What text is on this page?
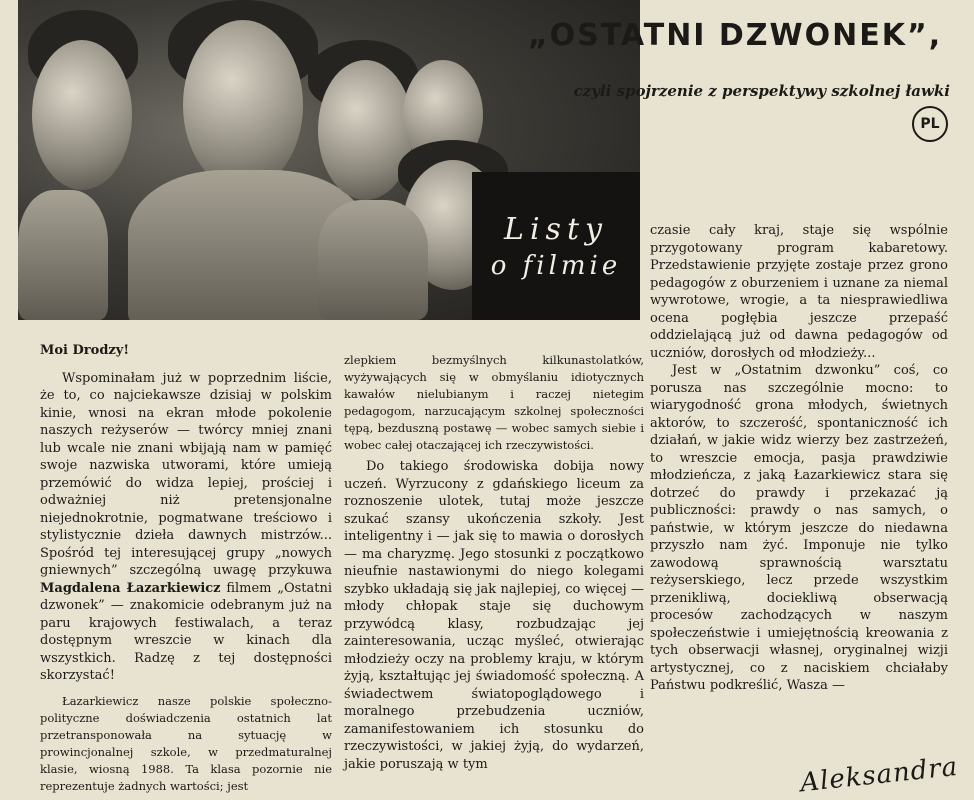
Listy
o filmie
„OSTATNI DZWONEK”,
czyli spojrzenie z perspektywy szkolnej ławki
PL

Moi Drodzy!

Wspominałam już w poprzednim liście, że to, co najciekawsze dzisiaj w polskim kinie, wnosi na ekran młode pokolenie naszych reżyserów — twórcy mniej znani lub wcale nie znani wbijają nam w pamięć swoje nazwiska utworami, które umieją przemówić do widza lepiej, prościej i odważniej niż pretensjonalne niejednokrotnie, pogmatwane treściowo i stylistycznie dzieła dawnych mistrzów... Spośród tej interesującej grupy „nowych gniewnych” szczególną uwagę przykuwa Magdalena Łazarkiewicz filmem „Ostatni dzwonek” — znakomicie odebranym już na paru krajowych festiwalach, a teraz dostępnym wreszcie w kinach dla wszystkich. Radzę z tej dostępności skorzystać!

Łazarkiewicz nasze polskie społeczno-polityczne doświadczenia ostatnich lat przetransponowała na sytuację w prowincjonalnej szkole, w przedmaturalnej klasie, wiosną 1988. Ta klasa pozornie nie reprezentuje żadnych wartości; jest

zlepkiem bezmyślnych kilkunastolatków, wyżywających się w obmyślaniu idiotycznych kawałów nielubianym i raczej nietegim pedagogom, narzucającym szkolnej społeczności tępą, bezduszną postawę — wobec samych siebie i wobec całej otaczającej ich rzeczywistości.

Do takiego środowiska dobija nowy uczeń. Wyrzucony z gdańskiego liceum za roznoszenie ulotek, tutaj może jeszcze szukać szansy ukończenia szkoły. Jest inteligentny i — jak się to mawia o dorosłych — ma charyzmę. Jego stosunki z początkowo nieufnie nastawionymi do niego kolegami szybko układają się jak najlepiej, co więcej — młody chłopak staje się duchowym przywódcą klasy, rozbudzając jej zainteresowania, ucząc myśleć, otwierając młodzieży oczy na problemy kraju, w którym żyją, kształtując jej świadomość społeczną. A świadectwem światopoglądowego i moralnego przebudzenia uczniów, zamanifestowaniem ich stosunku do rzeczywistości, w jakiej żyją, do wydarzeń, jakie poruszają w tym

czasie cały kraj, staje się wspólnie przygotowany program kabaretowy. Przedstawienie przyjęte zostaje przez grono pedagogów z oburzeniem i uznane za niemal wywrotowe, wrogie, a ta niesprawiedliwa ocena pogłębia jeszcze przepaść oddzielającą już od dawna pedagogów od uczniów, dorosłych od młodzieży...

Jest w „Ostatnim dzwonku” coś, co porusza nas szczególnie mocno: to wiarygodność grona młodych, świetnych aktorów, to szczerość, spontaniczność ich działań, w jakie widz wierzy bez zastrzeżeń, to wreszcie emocja, pasja prawdziwie młodzieńcza, z jaką Łazarkiewicz stara się dotrzeć do prawdy i przekazać ją publiczności: prawdy o nas samych, o państwie, w którym jeszcze do niedawna przyszło nam żyć. Imponuje nie tylko zawodową sprawnością warsztatu reżyserskiego, lecz przede wszystkim przenikliwą, dociekliwą obserwacją procesów zachodzących w naszym społeczeństwie i umiejętnością kreowania z tych obserwacji własnej, oryginalnej wizji artystycznej, co z naciskiem chciałaby Państwu podkreślić, Wasza —

Aleksandra
